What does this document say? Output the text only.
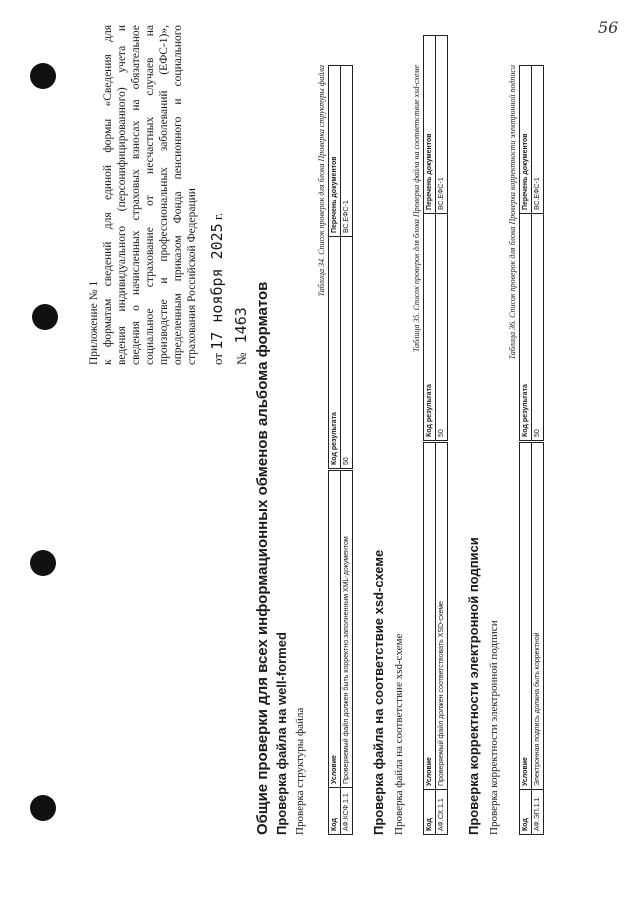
56
Приложение № 1 к форматам сведений для единой формы «Сведения для ведения индивидуального (персонифицированного) учета и сведения о начисленных страховых взносах на обязательное социальное страхование от несчастных случаев на производстве и профессиональных заболеваний (ЕФС-1)», определенным приказом Фонда пенсионного и социального страхования Российской Федерации от 17 ноября 2025 г.
№ 1463 Общие проверки для всех информационных обменов альбома форматов Проверка файла на well-formed Проверка структуры файла
Таблица 34. Список проверок для блока Проверка структуры файла
Код	Условие	Код результата	Перечень документов
АФ.КСФ.1.1	Проверяемый файл должен быть корректно заполненным XML-документом	50	ВС.ЕФС-1
Проверка файла на соответствие xsd-схеме Проверка файла на соответствие xsd-схеме
Таблица 35. Список проверок для блока Проверка файла на соответствие xsd-схеме
Код	Условие	Код результата	Перечень документов
АФ.СХ.1.1	Проверяемый файл должен соответствовать XSD-схеме	50	ВС.ЕФС-1
Проверка корректности электронной подписи Проверка корректности электронной подписи
Таблица 36. Список проверок для блока Проверка корректности электронной подписи
Код	Условие	Код результата	Перечень документов
АФ.ЭП.1.1	Электронная подпись должна быть корректной	50	ВС.ЕФС-1
